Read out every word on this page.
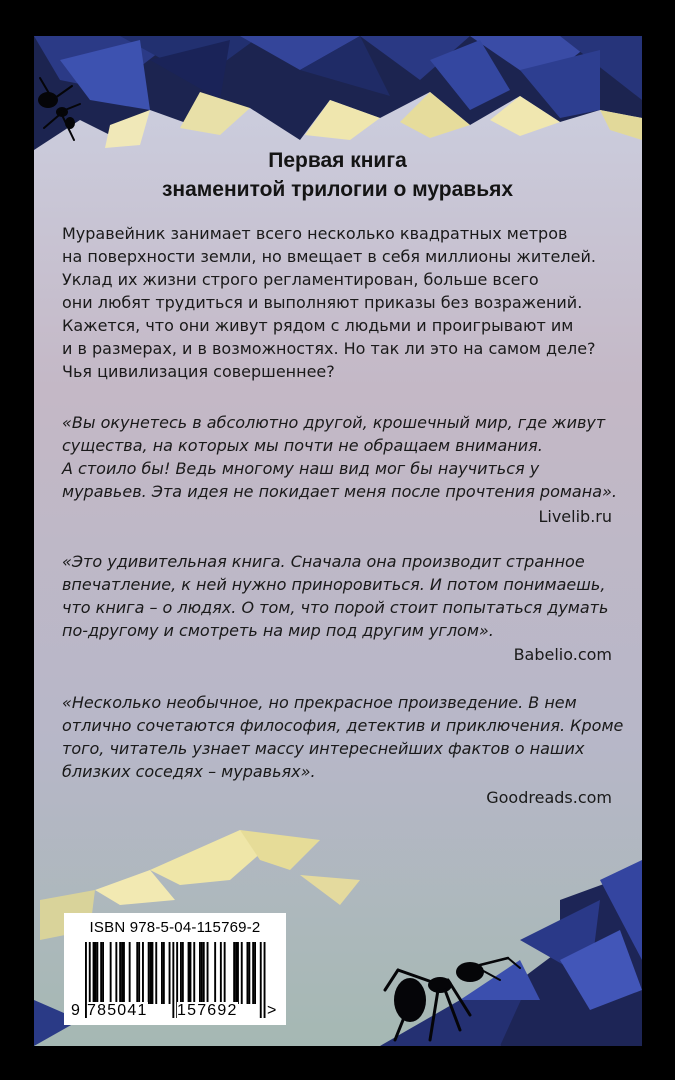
Первая книга
знаменитой трилогии о муравьях
Муравейник занимает всего несколько квадратных метров
на поверхности земли, но вмещает в себя миллионы жителей.
Уклад их жизни строго регламентирован, больше всего
они любят трудиться и выполняют приказы без возражений.
Кажется, что они живут рядом с людьми и проигрывают им
и в размерах, и в возможностях. Но так ли это на самом деле?
Чья цивилизация совершеннее?
«Вы окунетесь в абсолютно другой, крошечный мир, где живут
существа, на которых мы почти не обращаем внимания.
А стоило бы! Ведь многому наш вид мог бы научиться у
муравьев. Эта идея не покидает меня после прочтения романа».
Livelib.ru
«Это удивительная книга. Сначала она производит странное
впечатление, к ней нужно приноровиться. И потом понимаешь,
что книга – о людях. О том, что порой стоит попытаться думать
по-другому и смотреть на мир под другим углом».
Babelio.com
«Несколько необычное, но прекрасное произведение. В нем
отлично сочетаются философия, детектив и приключения. Кроме
того, читатель узнает массу интереснейших фактов о наших
близких соседях – муравьях».
Goodreads.com
ISBN 978-5-04-115769-2
9 785041 157692 >
